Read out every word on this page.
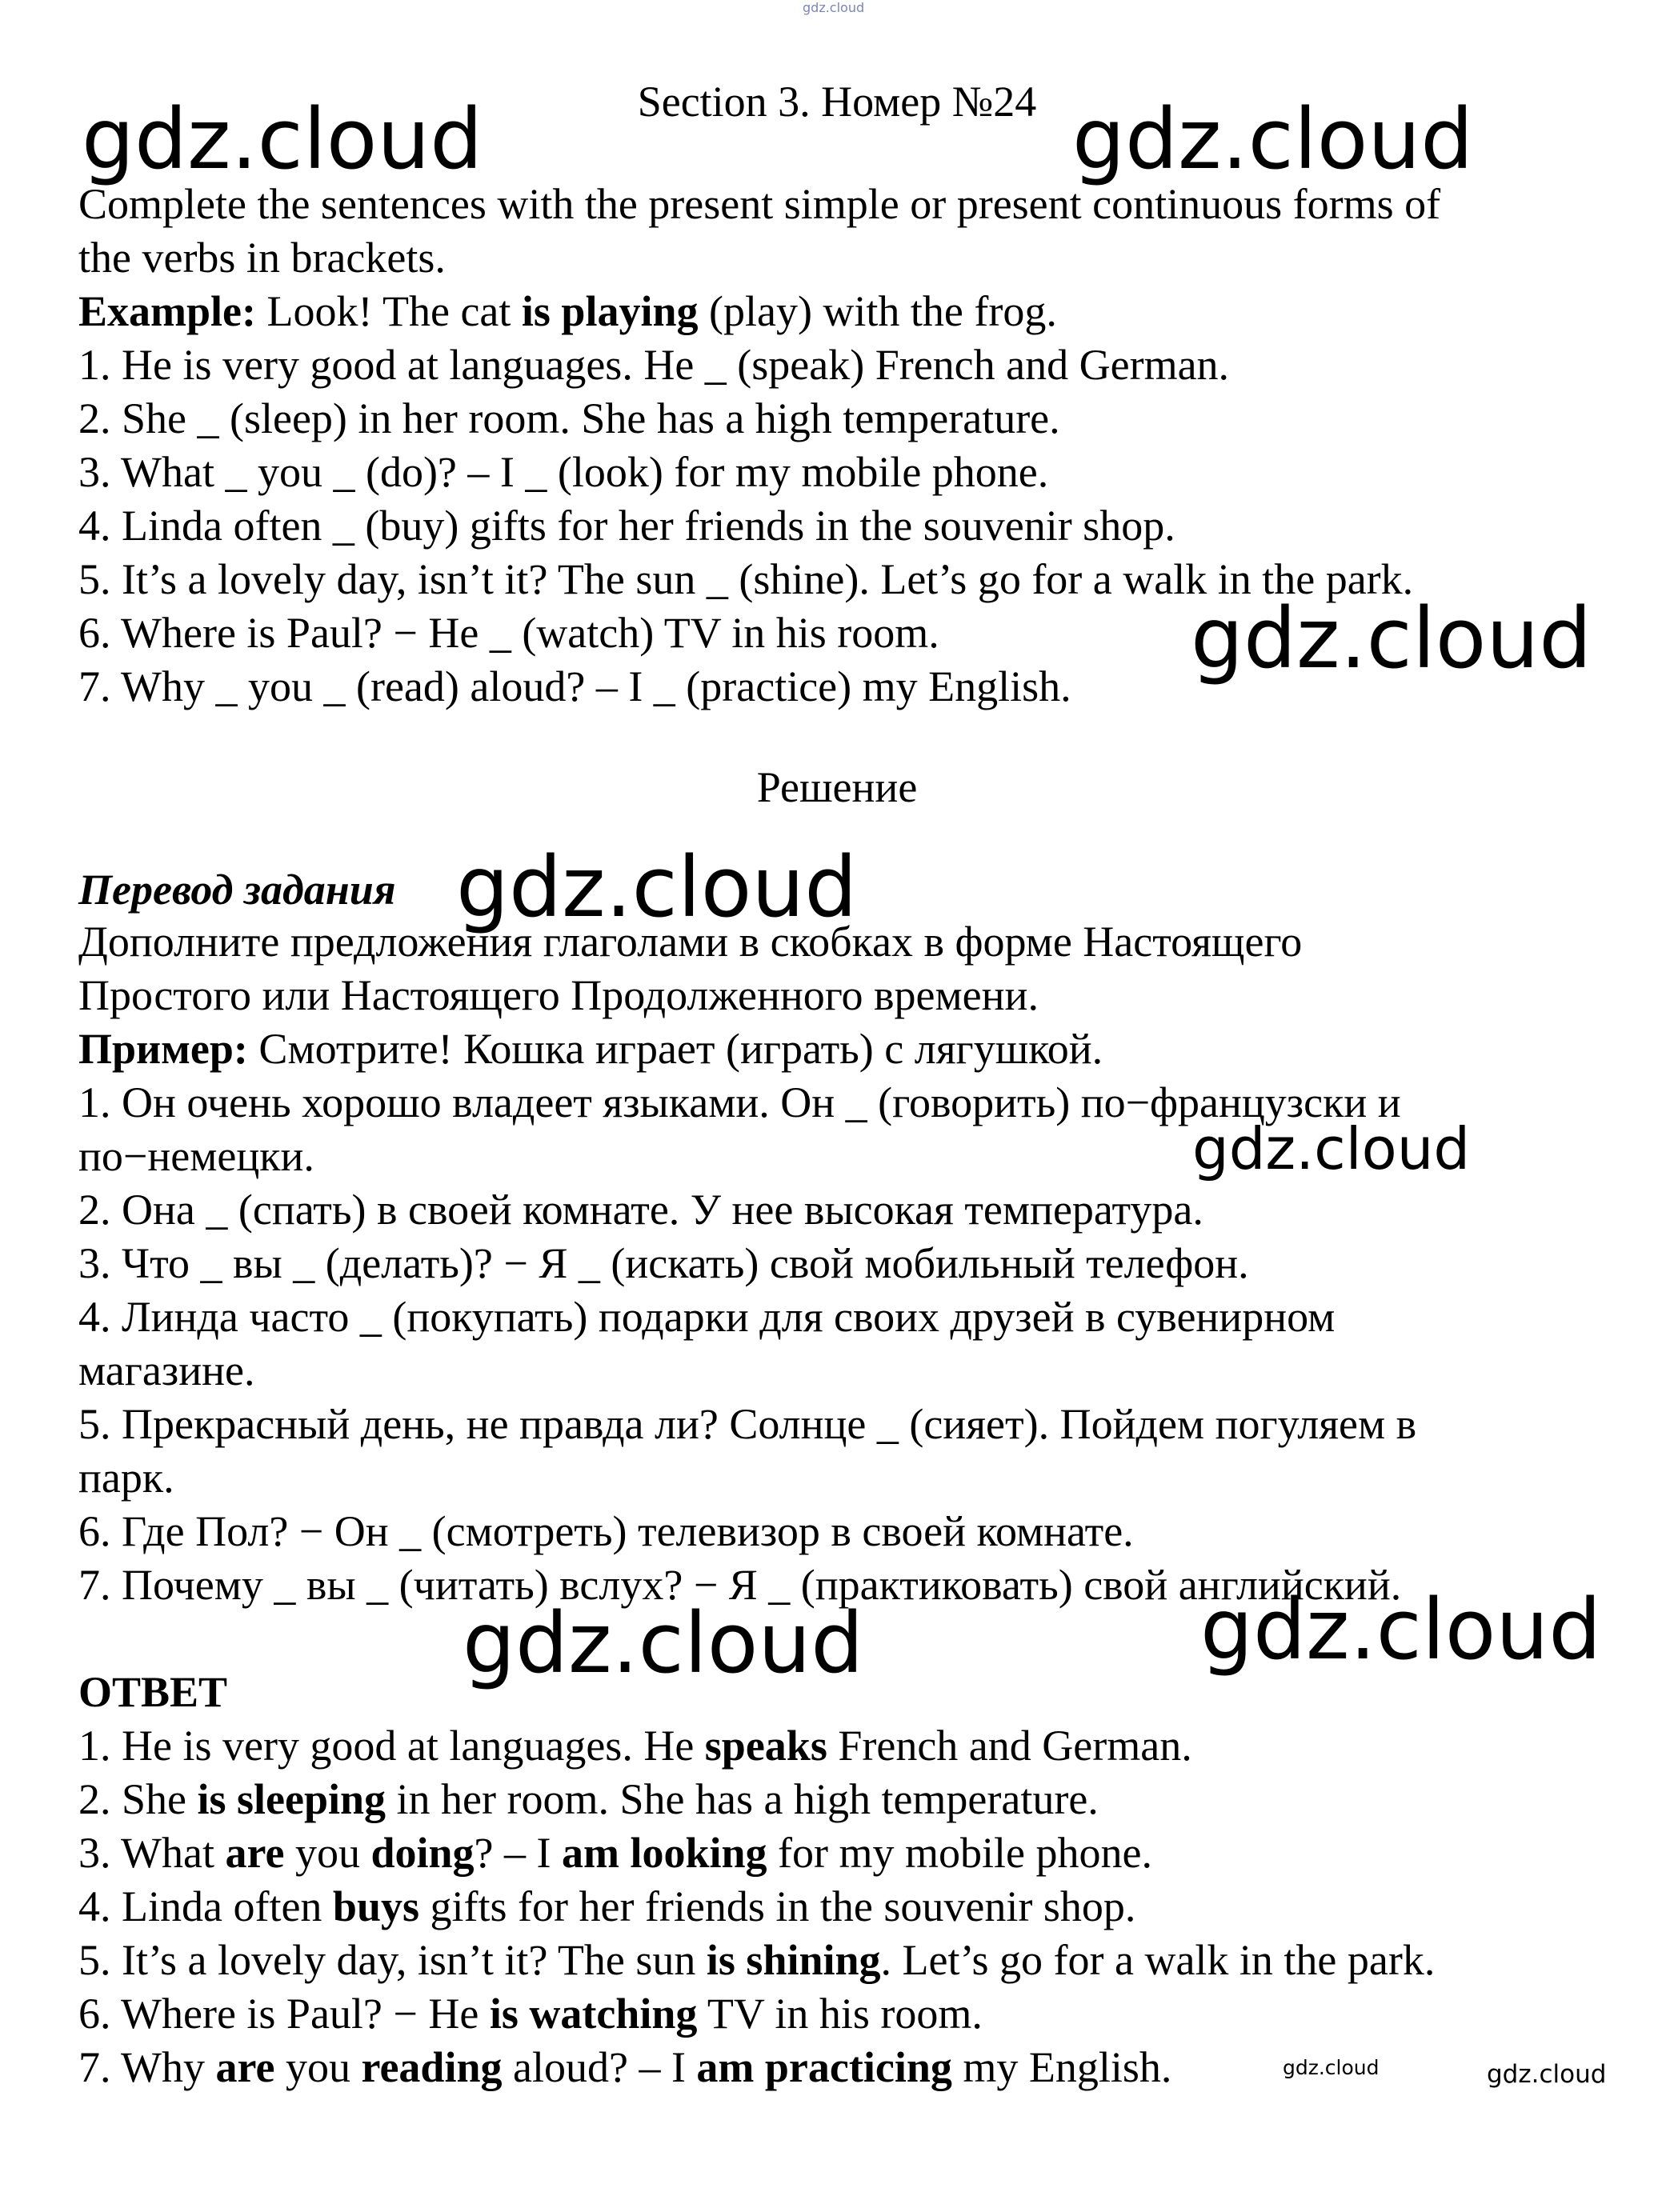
gdz.cloud
gdz.cloud	gdz.cloud
gdz.cloud
gdz.cloud
gdz.cloud
gdz.cloud	gdz.cloud
gdz.cloud	gdz.cloud
Section 3. Номер №24
Complete the sentences with the present simple or present continuous forms of
the verbs in brackets.
Example: Look! The cat is playing (play) with the frog.
1. He is very good at languages. He _ (speak) French and German.
2. She _ (sleep) in her room. She has a high temperature.
3. What _ you _ (do)? – I _ (look) for my mobile phone.
4. Linda often _ (buy) gifts for her friends in the souvenir shop.
5. It’s a lovely day, isn’t it? The sun _ (shine). Let’s go for a walk in the park.
6. Where is Paul? − He _ (watch) TV in his room.
7. Why _ you _ (read) aloud? – I _ (practice) my English.
Решение
Перевод задания
Дополните предложения глаголами в скобках в форме Настоящего
Простого или Настоящего Продолженного времени.
Пример: Смотрите! Кошка играет (играть) с лягушкой.
1. Он очень хорошо владеет языками. Он _ (говорить) по−французски и
по−немецки.
2. Она _ (спать) в своей комнате. У нее высокая температура.
3. Что _ вы _ (делать)? − Я _ (искать) свой мобильный телефон.
4. Линда часто _ (покупать) подарки для своих друзей в сувенирном
магазине.
5. Прекрасный день, не правда ли? Солнце _ (сияет). Пойдем погуляем в
парк.
6. Где Пол? − Он _ (смотреть) телевизор в своей комнате.
7. Почему _ вы _ (читать) вслух? − Я _ (практиковать) свой английский.
ОТВЕТ
1. He is very good at languages. He speaks French and German.
2. She is sleeping in her room. She has a high temperature.
3. What are you doing? – I am looking for my mobile phone.
4. Linda often buys gifts for her friends in the souvenir shop.
5. It’s a lovely day, isn’t it? The sun is shining. Let’s go for a walk in the park.
6. Where is Paul? − He is watching TV in his room.
7. Why are you reading aloud? – I am practicing my English.
